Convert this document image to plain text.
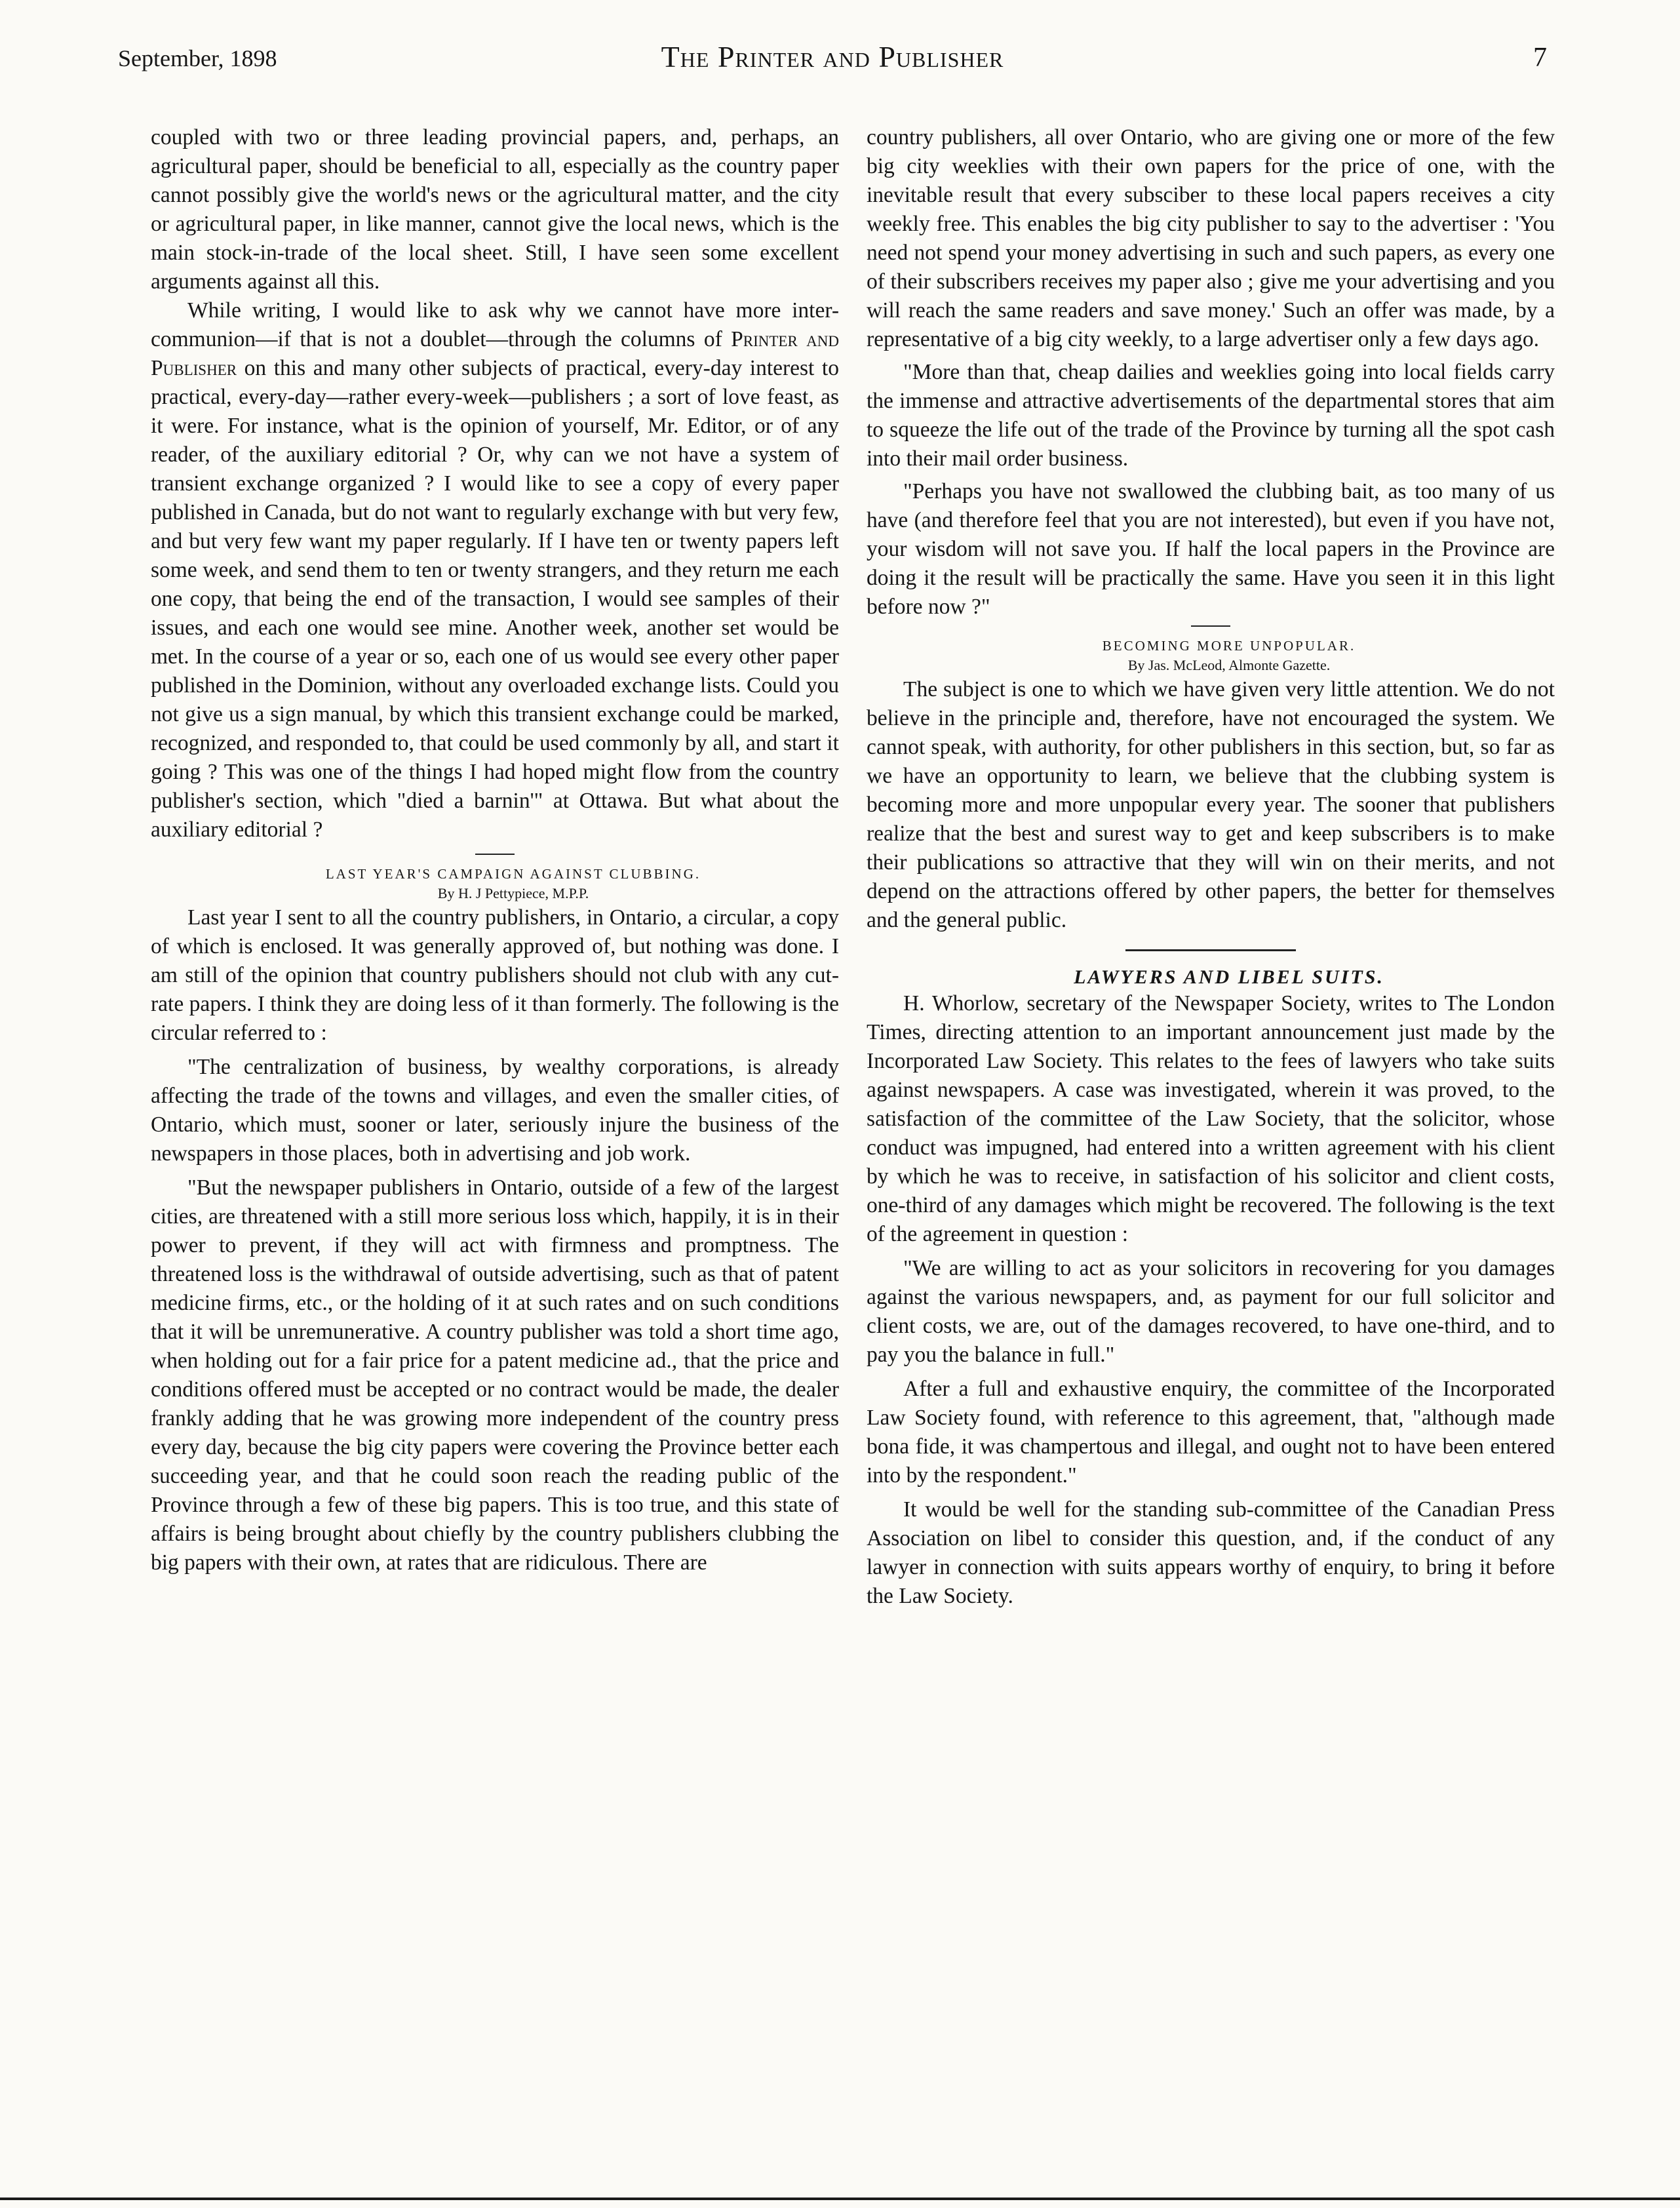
September, 1898	The Printer and Publisher	7

coupled with two or three leading provincial papers, and, perhaps, an agricultural paper, should be beneficial to all, especially as the country paper cannot possibly give the world's news or the agricultural matter, and the city or agricultural paper, in like manner, cannot give the local news, which is the main stock-in-trade of the local sheet. Still, I have seen some excellent arguments against all this.

While writing, I would like to ask why we cannot have more inter-communion—if that is not a doublet—through the columns of Printer and Publisher on this and many other subjects of practical, every-day interest to practical, every-day—rather every-week—publishers ; a sort of love feast, as it were. For instance, what is the opinion of yourself, Mr. Editor, or of any reader, of the auxiliary editorial ? Or, why can we not have a system of transient exchange organized ? I would like to see a copy of every paper published in Canada, but do not want to regularly exchange with but very few, and but very few want my paper regularly. If I have ten or twenty papers left some week, and send them to ten or twenty strangers, and they return me each one copy, that being the end of the transaction, I would see samples of their issues, and each one would see mine. Another week, another set would be met. In the course of a year or so, each one of us would see every other paper published in the Dominion, without any overloaded exchange lists. Could you not give us a sign manual, by which this transient exchange could be marked, recognized, and responded to, that could be used commonly by all, and start it going ? This was one of the things I had hoped might flow from the country publisher's section, which "died a barnin'" at Ottawa. But what about the auxiliary editorial ?

LAST YEAR'S CAMPAIGN AGAINST CLUBBING.

By H. J Pettypiece, M.P.P.

Last year I sent to all the country publishers, in Ontario, a circular, a copy of which is enclosed. It was generally approved of, but nothing was done. I am still of the opinion that country publishers should not club with any cut-rate papers. I think they are doing less of it than formerly. The following is the circular referred to :

"The centralization of business, by wealthy corporations, is already affecting the trade of the towns and villages, and even the smaller cities, of Ontario, which must, sooner or later, seriously injure the business of the newspapers in those places, both in advertising and job work.

"But the newspaper publishers in Ontario, outside of a few of the largest cities, are threatened with a still more serious loss which, happily, it is in their power to prevent, if they will act with firmness and promptness. The threatened loss is the withdrawal of outside advertising, such as that of patent medicine firms, etc., or the holding of it at such rates and on such conditions that it will be unremunerative. A country publisher was told a short time ago, when holding out for a fair price for a patent medicine ad., that the price and conditions offered must be accepted or no contract would be made, the dealer frankly adding that he was growing more independent of the country press every day, because the big city papers were covering the Province better each succeeding year, and that he could soon reach the reading public of the Province through a few of these big papers. This is too true, and this state of affairs is being brought about chiefly by the country publishers clubbing the big papers with their own, at rates that are ridiculous. There are

country publishers, all over Ontario, who are giving one or more of the few big city weeklies with their own papers for the price of one, with the inevitable result that every subsciber to these local papers receives a city weekly free. This enables the big city publisher to say to the advertiser : 'You need not spend your money advertising in such and such papers, as every one of their subscribers receives my paper also ; give me your advertising and you will reach the same readers and save money.' Such an offer was made, by a representative of a big city weekly, to a large advertiser only a few days ago.

"More than that, cheap dailies and weeklies going into local fields carry the immense and attractive advertisements of the departmental stores that aim to squeeze the life out of the trade of the Province by turning all the spot cash into their mail order business.

"Perhaps you have not swallowed the clubbing bait, as too many of us have (and therefore feel that you are not interested), but even if you have not, your wisdom will not save you. If half the local papers in the Province are doing it the result will be practically the same. Have you seen it in this light before now ?"

BECOMING MORE UNPOPULAR.

By Jas. McLeod, Almonte Gazette.

The subject is one to which we have given very little attention. We do not believe in the principle and, therefore, have not encouraged the system. We cannot speak, with authority, for other publishers in this section, but, so far as we have an opportunity to learn, we believe that the clubbing system is becoming more and more unpopular every year. The sooner that publishers realize that the best and surest way to get and keep subscribers is to make their publications so attractive that they will win on their merits, and not depend on the attractions offered by other papers, the better for themselves and the general public.

LAWYERS AND LIBEL SUITS.

H. Whorlow, secretary of the Newspaper Society, writes to The London Times, directing attention to an important announcement just made by the Incorporated Law Society. This relates to the fees of lawyers who take suits against newspapers. A case was investigated, wherein it was proved, to the satisfaction of the committee of the Law Society, that the solicitor, whose conduct was impugned, had entered into a written agreement with his client by which he was to receive, in satisfaction of his solicitor and client costs, one-third of any damages which might be recovered. The following is the text of the agreement in question :

"We are willing to act as your solicitors in recovering for you damages against the various newspapers, and, as payment for our full solicitor and client costs, we are, out of the damages recovered, to have one-third, and to pay you the balance in full."

After a full and exhaustive enquiry, the committee of the Incorporated Law Society found, with reference to this agreement, that, "although made bona fide, it was champertous and illegal, and ought not to have been entered into by the respondent."

It would be well for the standing sub-committee of the Canadian Press Association on libel to consider this question, and, if the conduct of any lawyer in connection with suits appears worthy of enquiry, to bring it before the Law Society.
